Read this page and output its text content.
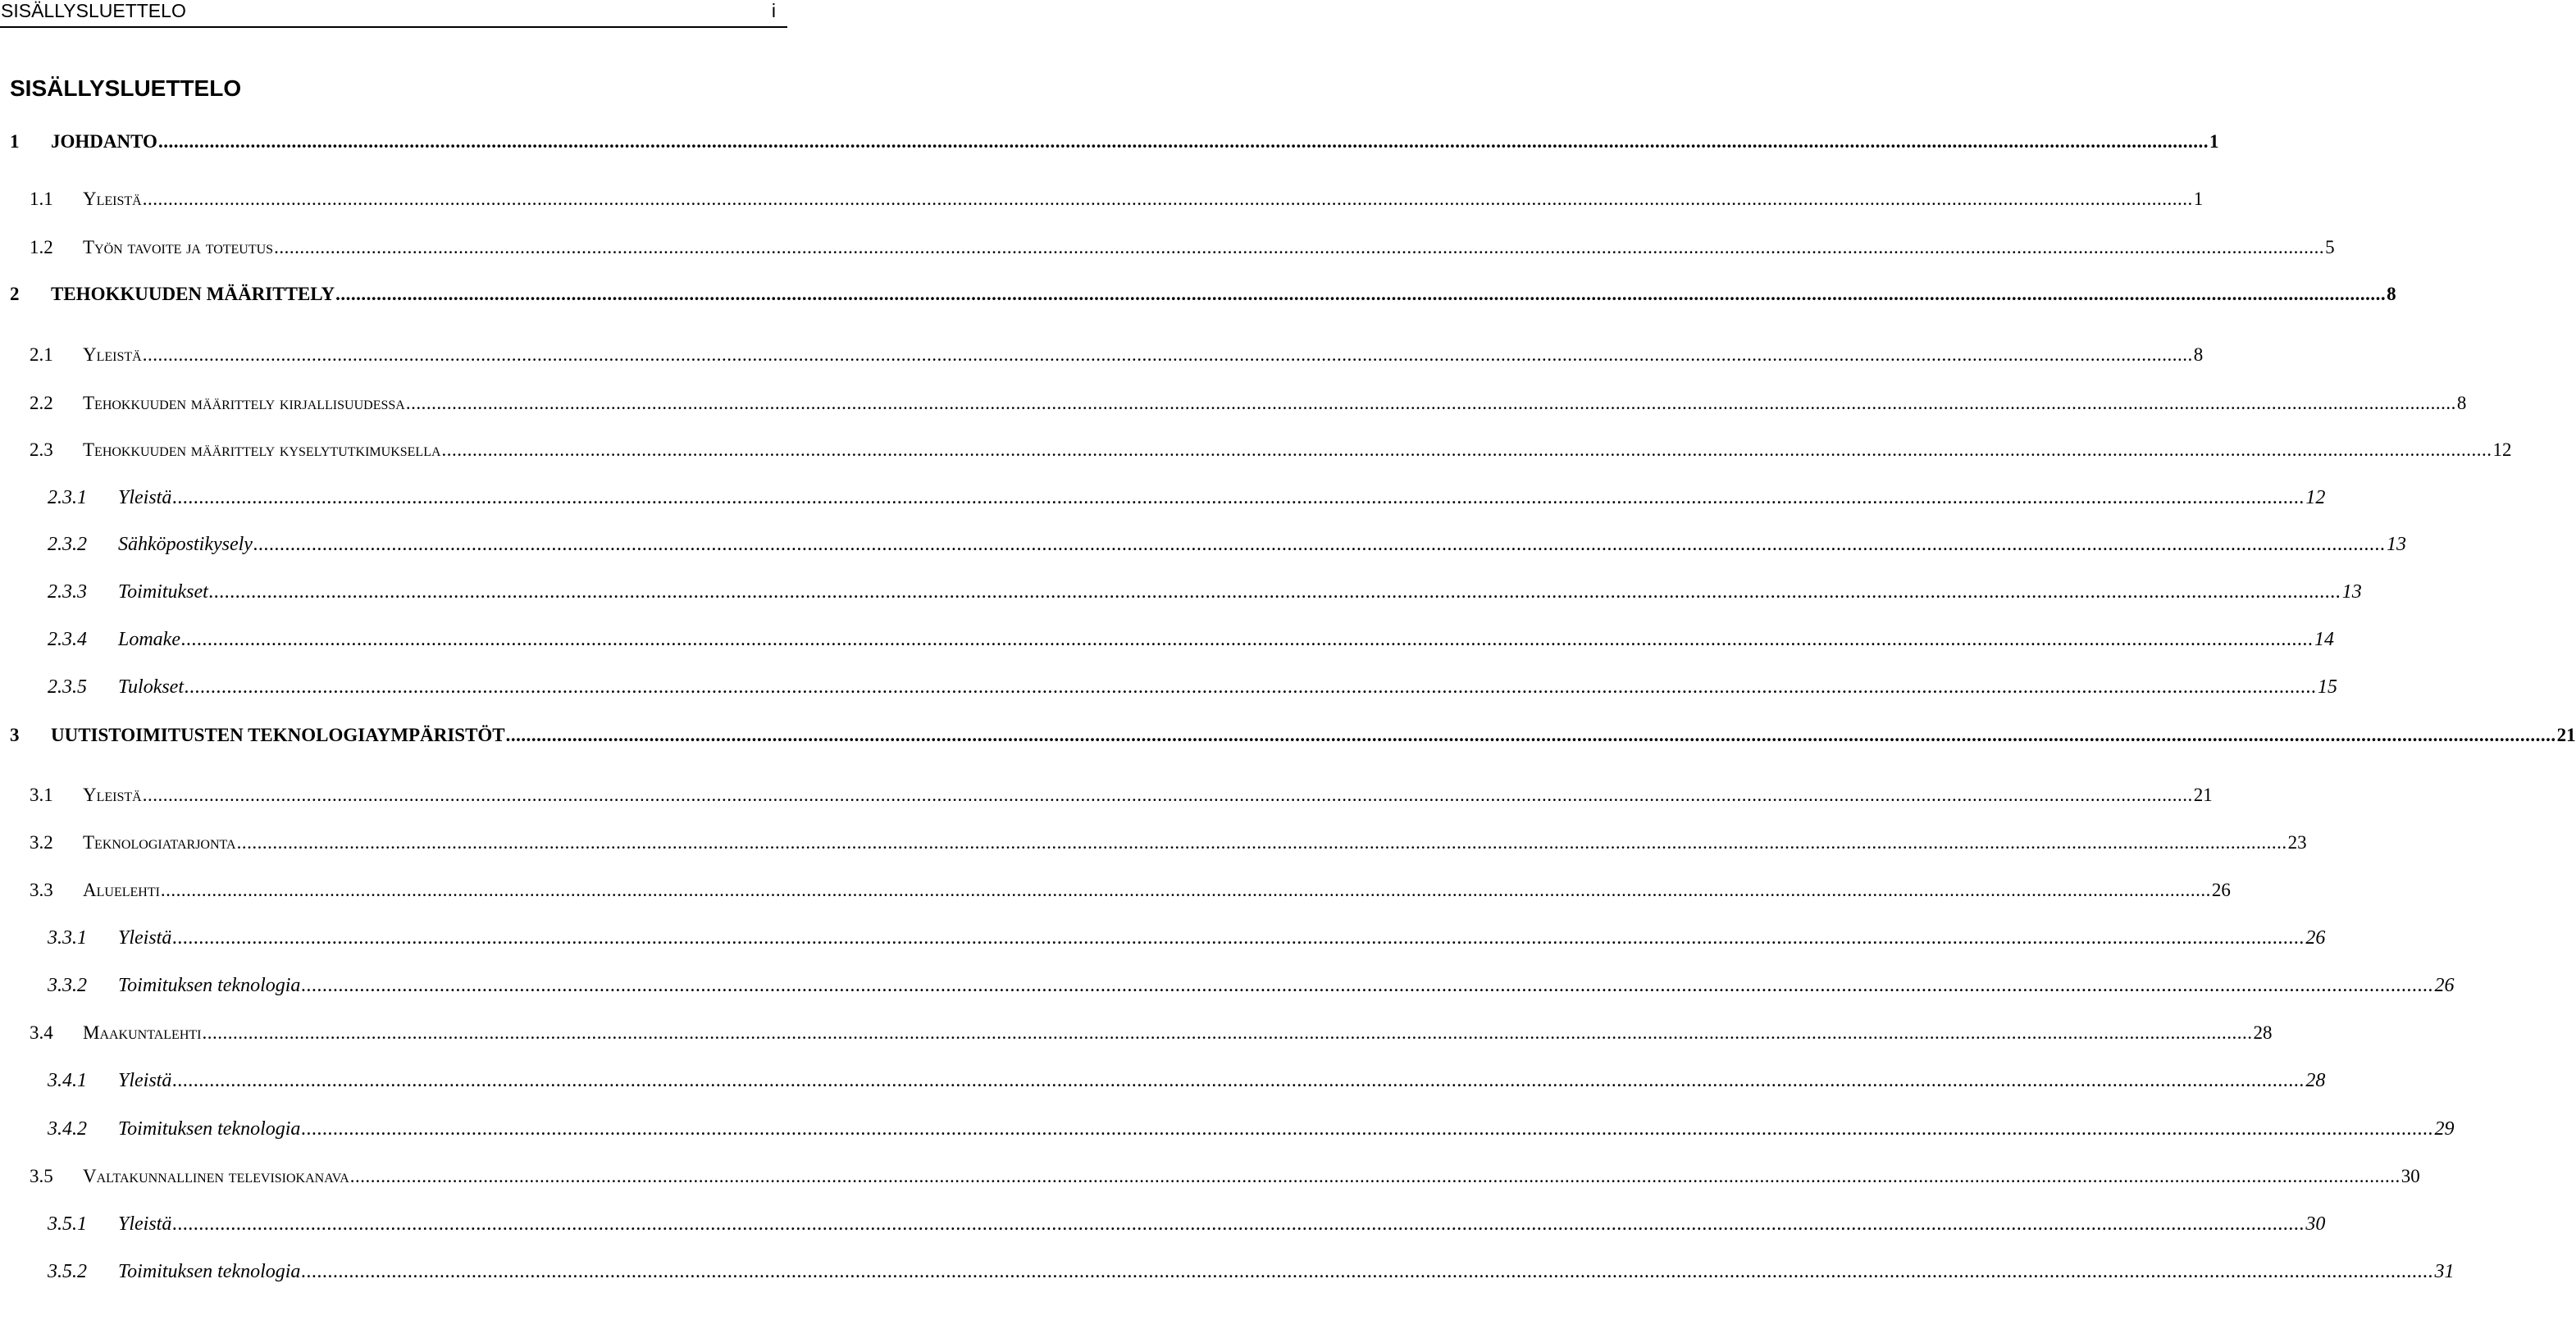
SISÄLLYSLUETTELO	i
SISÄLLYSLUETTELO
1 JOHDANTO ................................................................................................................................................................................................................................................................................................................................................................................................................ 1
1.1 Yleistä ................................................................................................................................................................................................................................................................................................................................................................................................................ 1
1.2 Työn tavoite ja toteutus ................................................................................................................................................................................................................................................................................................................................................................................................................ 5
2 TEHOKKUUDEN MÄÄRITTELY ................................................................................................................................................................................................................................................................................................................................................................................................................ 8
2.1 Yleistä ................................................................................................................................................................................................................................................................................................................................................................................................................ 8
2.2 Tehokkuuden määrittely kirjallisuudessa ................................................................................................................................................................................................................................................................................................................................................................................................................ 8
2.3 Tehokkuuden määrittely kyselytutkimuksella ................................................................................................................................................................................................................................................................................................................................................................................................................ 12
2.3.1 Yleistä ................................................................................................................................................................................................................................................................................................................................................................................................................ 12
2.3.2 Sähköpostikysely ................................................................................................................................................................................................................................................................................................................................................................................................................ 13
2.3.3 Toimitukset ................................................................................................................................................................................................................................................................................................................................................................................................................ 13
2.3.4 Lomake ................................................................................................................................................................................................................................................................................................................................................................................................................ 14
2.3.5 Tulokset ................................................................................................................................................................................................................................................................................................................................................................................................................ 15
3 UUTISTOIMITUSTEN TEKNOLOGIAYMPÄRISTÖT ................................................................................................................................................................................................................................................................................................................................................................................................................ 21
3.1 Yleistä ................................................................................................................................................................................................................................................................................................................................................................................................................ 21
3.2 Teknologiatarjonta ................................................................................................................................................................................................................................................................................................................................................................................................................ 23
3.3 Aluelehti ................................................................................................................................................................................................................................................................................................................................................................................................................ 26
3.3.1 Yleistä ................................................................................................................................................................................................................................................................................................................................................................................................................ 26
3.3.2 Toimituksen teknologia ................................................................................................................................................................................................................................................................................................................................................................................................................ 26
3.4 Maakuntalehti ................................................................................................................................................................................................................................................................................................................................................................................................................ 28
3.4.1 Yleistä ................................................................................................................................................................................................................................................................................................................................................................................................................ 28
3.4.2 Toimituksen teknologia ................................................................................................................................................................................................................................................................................................................................................................................................................ 29
3.5 Valtakunnallinen televisiokanava ................................................................................................................................................................................................................................................................................................................................................................................................................ 30
3.5.1 Yleistä ................................................................................................................................................................................................................................................................................................................................................................................................................ 30
3.5.2 Toimituksen teknologia ................................................................................................................................................................................................................................................................................................................................................................................................................ 31
